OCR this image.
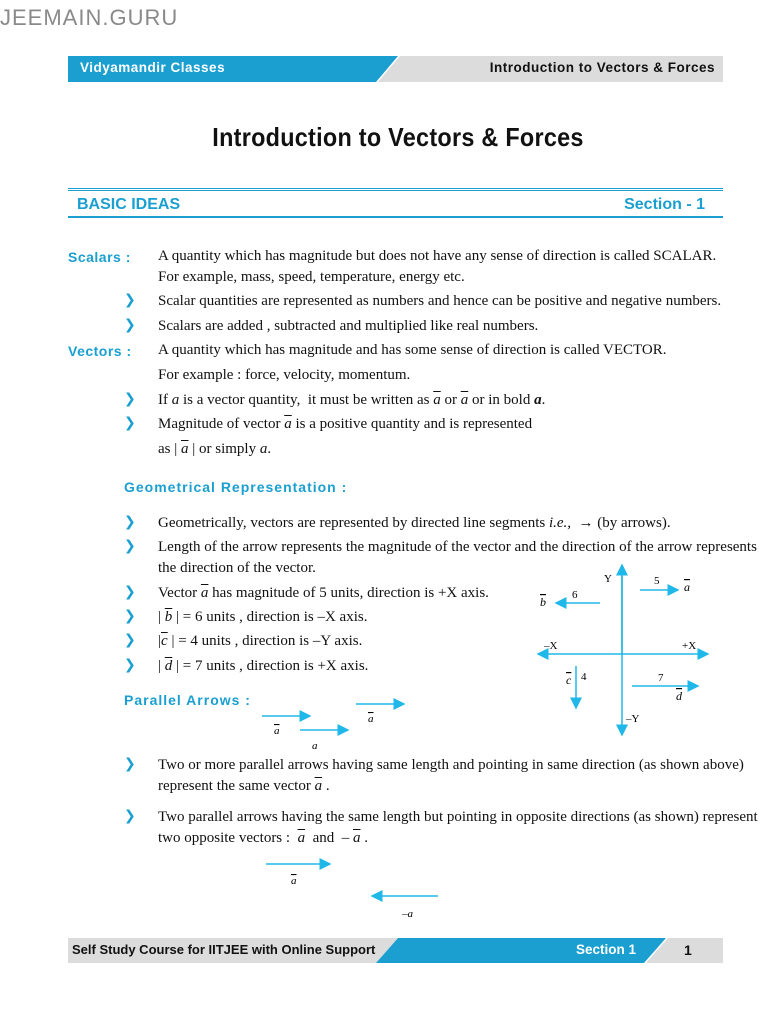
JEEMAIN.GURU
Vidyamandir Classes	Introduction to Vectors & Forces
Introduction to Vectors & Forces
BASIC IDEAS	Section - 1
Scalars : A quantity which has magnitude but does not have any sense of direction is called SCALAR.
For example, mass, speed, temperature, energy etc.
❯ Scalar quantities are represented as numbers and hence can be positive and negative numbers.
❯ Scalars are added , subtracted and multiplied like real numbers.
Vectors : A quantity which has magnitude and has some sense of direction is called VECTOR.
For example : force, velocity, momentum.
❯ If a is a vector quantity,  it must be written as $\overline{a}$ or $\overline{a}$ or in bold a.
❯ Magnitude of vector $\overline{a}$ is a positive quantity and is represented
as | $\overline{a}$ | or simply a.
Geometrical Representation :
❯ Geometrically, vectors are represented by directed line segments i.e.,  → (by arrows).
❯ Length of the arrow represents the magnitude of the vector and the direction of the arrow represents
the direction of the vector.
❯ Vector $\overline{a}$ has magnitude of 5 units, direction is +X axis.
❯ | $\overline{b}$ | = 6 units , direction is –X axis.
❯ $|\overline{c}$ | = 4 units , direction is –Y axis.
❯ | $\overline{d}$ | = 7 units , direction is +X axis.
Y
–Y
+X
–X
5 a
6
b
4
c	7
d
Parallel Arrows :
a
a
a
❯ Two or more parallel arrows having same length and pointing in same direction (as shown above)
represent the same vector $\overline{a}$ .
❯ Two parallel arrows having the same length but pointing in opposite directions (as shown) represent
two opposite vectors :  $\overline{a}$  and  – $\overline{a}$ .
a
–a
Self Study Course for IITJEE with Online Support	Section 1	1
